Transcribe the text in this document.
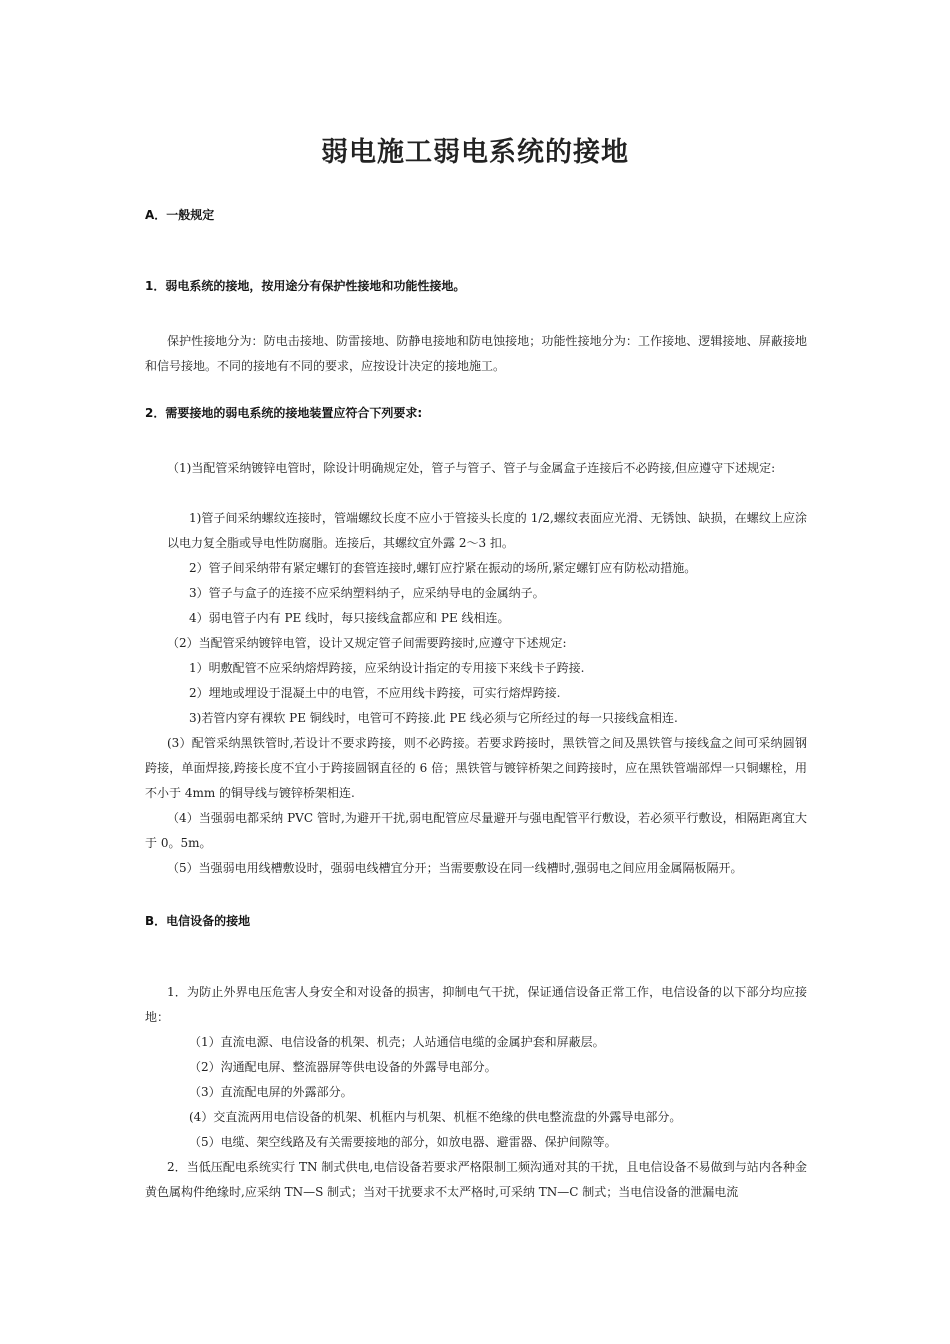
弱电施工弱电系统的接地
A．一般规定
1．弱电系统的接地，按用途分有保护性接地和功能性接地。
保护性接地分为：防电击接地、防雷接地、防静电接地和防电蚀接地；功能性接地分为：工作接地、逻辑接地、屏蔽接地和信号接地。不同的接地有不同的要求，应按设计决定的接地施工。
2．需要接地的弱电系统的接地装置应符合下列要求:
（1)当配管采纳镀锌电管时，除设计明确规定处，管子与管子、管子与金属盒子连接后不必跨接,但应遵守下述规定:
1)管子间采纳螺纹连接时，管端螺纹长度不应小于管接头长度的 1/2,螺纹表面应光滑、无锈蚀、缺损，在螺纹上应涂以电力复全脂或导电性防腐脂。连接后，其螺纹宜外露 2～3 扣。
2）管子间采纳带有紧定螺钉的套管连接时,螺钉应拧紧在振动的场所,紧定螺钉应有防松动措施。
3）管子与盒子的连接不应采纳塑料纳子，应采纳导电的金属纳子。
4）弱电管子内有 PE 线时，每只接线盒都应和 PE 线相连。
（2）当配管采纳镀锌电管，设计又规定管子间需要跨接时,应遵守下述规定:
1）明敷配管不应采纳熔焊跨接，应采纳设计指定的专用接下来线卡子跨接.
2）埋地或埋设于混凝土中的电管，不应用线卡跨接，可实行熔焊跨接.
3)若管内穿有裸软 PE 铜线时，电管可不跨接.此 PE 线必须与它所经过的每一只接线盒相连.
(3）配管采纳黑铁管时,若设计不要求跨接，则不必跨接。若要求跨接时，黑铁管之间及黑铁管与接线盒之间可采纳圆钢跨接，单面焊接,跨接长度不宜小于跨接圆钢直径的 6 倍；黑铁管与镀锌桥架之间跨接时，应在黑铁管端部焊一只铜螺栓，用不小于 4mm 的铜导线与镀锌桥架相连.
（4）当强弱电都采纳 PVC 管时,为避开干扰,弱电配管应尽量避开与强电配管平行敷设，若必须平行敷设，相隔距离宜大于 0。5m。
（5）当强弱电用线槽敷设时，强弱电线槽宜分开；当需要敷设在同一线槽时,强弱电之间应用金属隔板隔开。
B．电信设备的接地
1．为防止外界电压危害人身安全和对设备的损害，抑制电气干扰，保证通信设备正常工作，电信设备的以下部分均应接地：
（1）直流电源、电信设备的机架、机壳；人站通信电缆的金属护套和屏蔽层。
（2）沟通配电屏、整流器屏等供电设备的外露导电部分。
（3）直流配电屏的外露部分。
(4）交直流两用电信设备的机架、机框内与机架、机框不绝缘的供电整流盘的外露导电部分。
（5）电缆、架空线路及有关需要接地的部分，如放电器、避雷器、保护间隙等。
2．当低压配电系统实行 TN 制式供电,电信设备若要求严格限制工频沟通对其的干扰，且电信设备不易做到与站内各种金黄色属构件绝缘时,应采纳 TN—S 制式；当对干扰要求不太严格时,可采纳 TN—C 制式；当电信设备的泄漏电流
